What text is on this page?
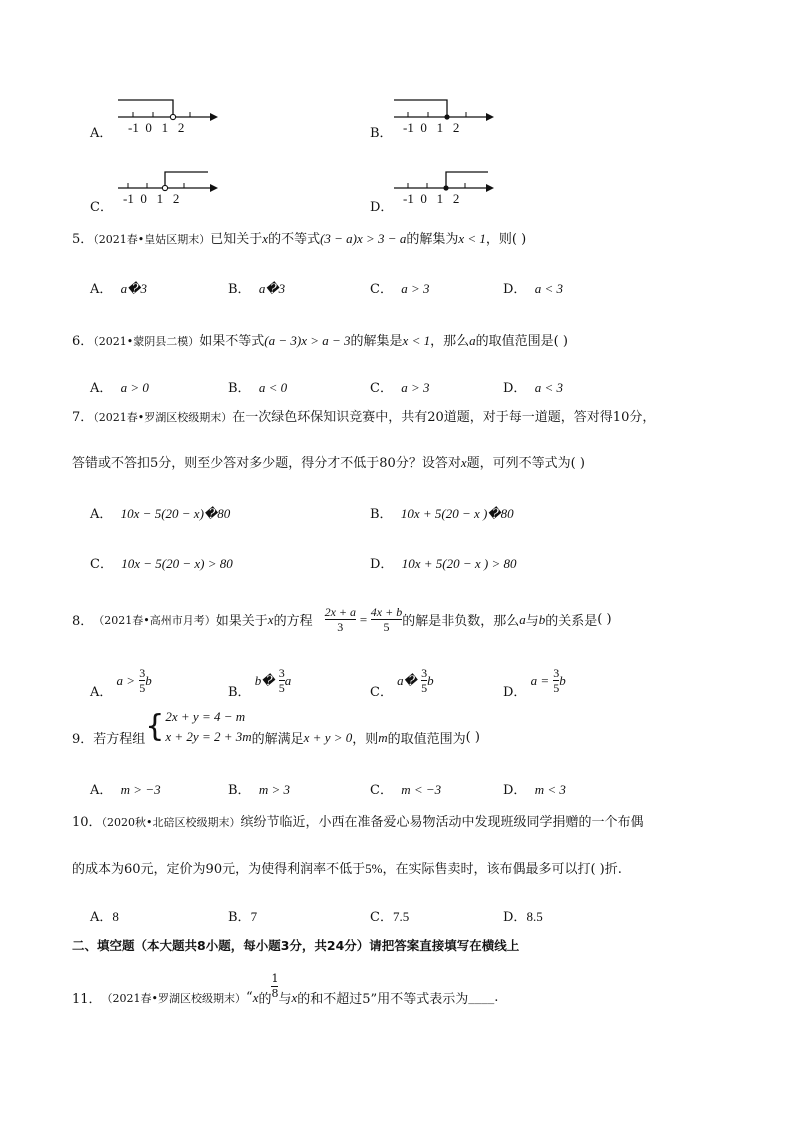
A． -1 0 1 2	B． -1 0 1 2
C．
-1 0 1 2
D．
-1 0 1 2
5．（2021春•皇姑区期末）已知关于x的不等式(3 − a)x > 3 − a的解集为x < 1，则( )
A． a�3	B． a�3	C． a > 3	D． a < 3
6．（2021•蒙阴县二模）如果不等式(a − 3)x > a − 3的解集是x < 1，那么a的取值范围是( )
A． a > 0	B． a < 0	C． a > 3	D． a < 3
7．（2021春•罗湖区校级期末）在一次绿色环保知识竞赛中，共有20道题，对于每一道题，答对得10分，
答错或不答扣5分，则至少答对多少题，得分才不低于80分？设答对x题，可列不等式为( )
A． 10x − 5(20 − x)�80	B． 10x + 5(20 − x )�80
C． 10x − 5(20 − x) > 80	D． 10x + 5(20 − x ) > 80
8． （2021春•高州市月考） 如果关于 x 的方程 $\frac{2x + a}{3} = \frac{4x + b}{5}$ 的解是非负数，那么 a 与 b 的关系是 ( )
A．

a >
$\frac{3}{5}$ b
B．

b�
$\frac{3}{5}$ a
C．

a�
$\frac{3}{5}$ b
D．

a =
$\frac{3}{5}$ b
9． 若方程组 { 2x + y = 4 − m
x + 2y = 2 + 3m 的解满足 x + y > 0 ，则 m 的取值范围为 ( )
A． m > −3	B． m > 3	C． m < −3	D． m < 3
10．（2020秋•北碚区校级期末）缤纷节临近，小西在准备爱心易物活动中发现班级同学捐赠的一个布偶
的成本为60元，定价为90元，为使得利润率不低于5%，在实际售卖时，该布偶最多可以打( )折.
A．8	B．7	C．7.5	D．8.5
二、填空题（本大题共8小题，每小题3分，共24分）请把答案直接填写在横线上
11． （2021春•罗湖区校级期末） “ x 的 $\frac{1}{8}$ 与 x 的和不超过5”用不等式表示为 ____.
